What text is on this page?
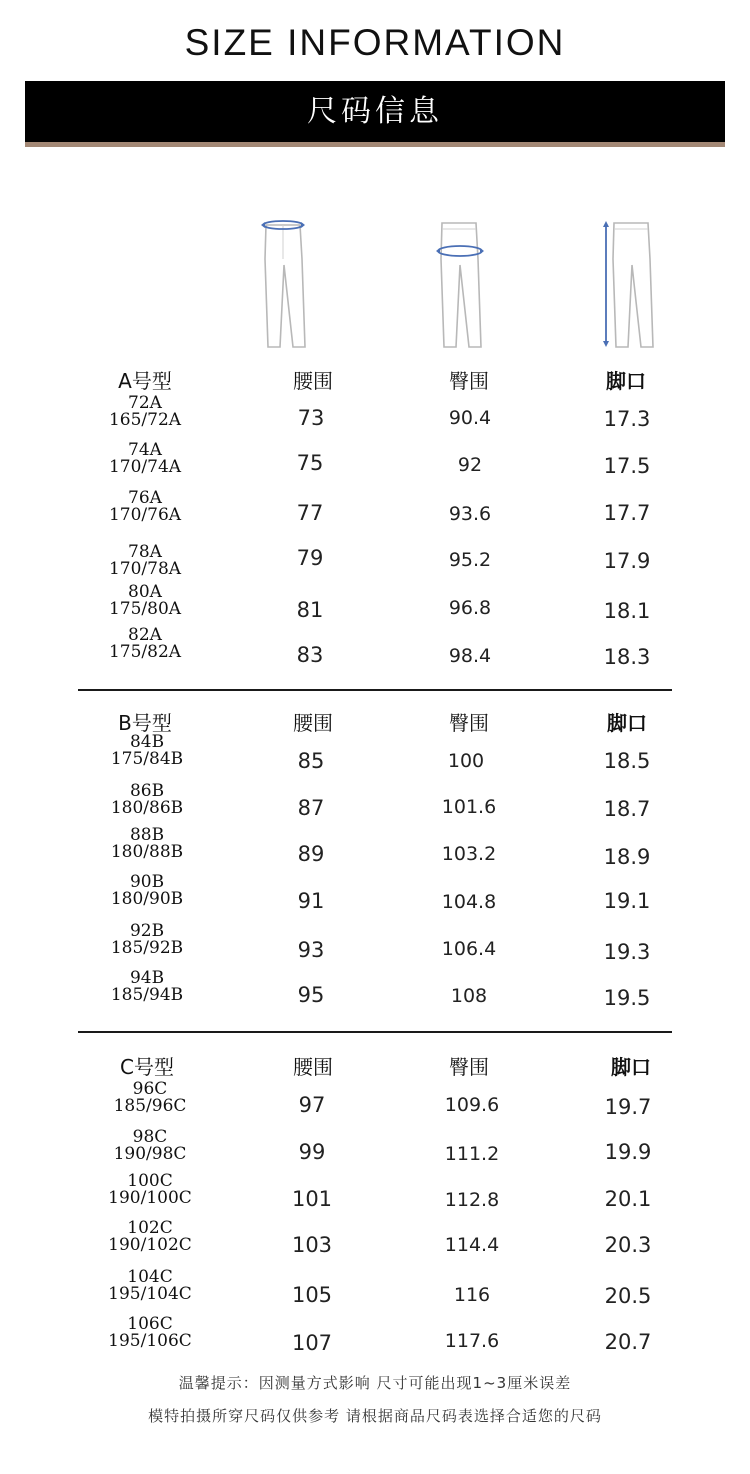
SIZE INFORMATION
尺码信息
A号型	腰围	臀围	脚口
72A
165/72A	73	90.4	17.3
74A
170/74A	75	92	17.5
76A
170/76A	77	93.6	17.7
78A
170/78A	79	95.2	17.9
80A
175/80A	81	96.8	18.1
82A
175/82A	83	98.4	18.3
B号型	腰围	臀围	脚口
84B
175/84B	85	100	18.5
86B
180/86B	87	101.6	18.7
88B
180/88B	89	103.2	18.9
90B
180/90B	91	104.8	19.1
92B
185/92B	93	106.4	19.3
94B
185/94B	95	108	19.5
C号型	腰围	臀围	脚口
96C
185/96C	97	109.6	19.7
98C
190/98C	99	111.2	19.9
100C
190/100C	101	112.8	20.1
102C
190/102C	103	114.4	20.3
104C
195/104C	105	116	20.5
106C
195/106C	107	117.6	20.7
温馨提示：因测量方式影响 尺寸可能出现1~3厘米误差
模特拍摄所穿尺码仅供参考 请根据商品尺码表选择合适您的尺码
